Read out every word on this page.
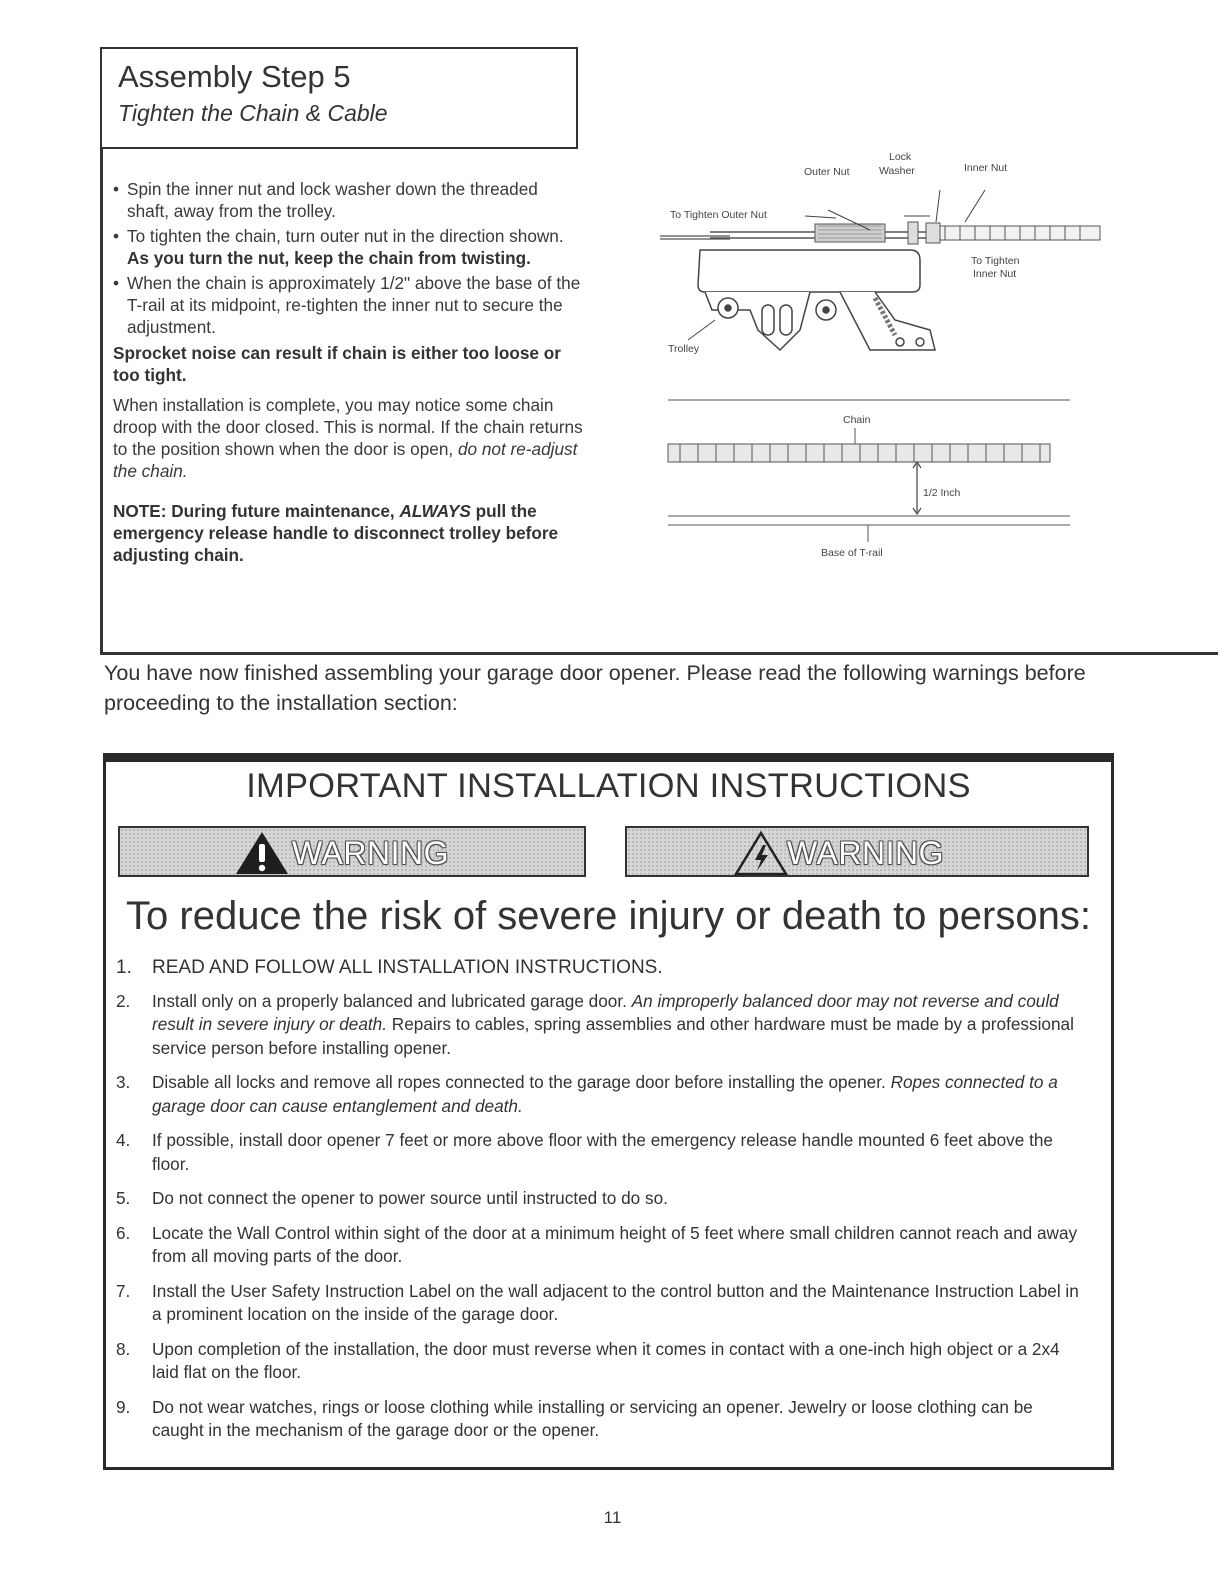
Assembly Step 5
Tighten the Chain & Cable
• Spin the inner nut and lock washer down the threaded shaft, away from the trolley.
• To tighten the chain, turn outer nut in the direction shown. As you turn the nut, keep the chain from twisting.
• When the chain is approximately 1/2" above the base of the T-rail at its midpoint, re-tighten the inner nut to secure the adjustment.

Sprocket noise can result if chain is either too loose or too tight.

When installation is complete, you may notice some chain droop with the door closed. This is normal. If the chain returns to the position shown when the door is open, do not re-adjust the chain.

NOTE: During future maintenance, ALWAYS pull the emergency release handle to disconnect trolley before adjusting chain.

Outer Nut
Lock
Washer	Inner Nut
To Tighten Outer Nut
To Tighten
Inner Nut
Trolley
Chain
1/2 Inch
Base of T-rail
You have now finished assembling your garage door opener. Please read the following warnings before proceeding to the installation section:
IMPORTANT INSTALLATION INSTRUCTIONS
WARNING	WARNING
To reduce the risk of severe injury or death to persons:
1. READ AND FOLLOW ALL INSTALLATION INSTRUCTIONS.
2. Install only on a properly balanced and lubricated garage door. An improperly balanced door may not reverse and could result in severe injury or death. Repairs to cables, spring assemblies and other hardware must be made by a professional service person before installing opener.
3. Disable all locks and remove all ropes connected to the garage door before installing the opener. Ropes connected to a garage door can cause entanglement and death.
4. If possible, install door opener 7 feet or more above floor with the emergency release handle mounted 6 feet above the floor.
5. Do not connect the opener to power source until instructed to do so.
6. Locate the Wall Control within sight of the door at a minimum height of 5 feet where small children cannot reach and away from all moving parts of the door.
7. Install the User Safety Instruction Label on the wall adjacent to the control button and the Maintenance Instruction Label in a prominent location on the inside of the garage door.
8. Upon completion of the installation, the door must reverse when it comes in contact with a one-inch high object or a 2x4 laid flat on the floor.
9. Do not wear watches, rings or loose clothing while installing or servicing an opener. Jewelry or loose clothing can be caught in the mechanism of the garage door or the opener.
11
